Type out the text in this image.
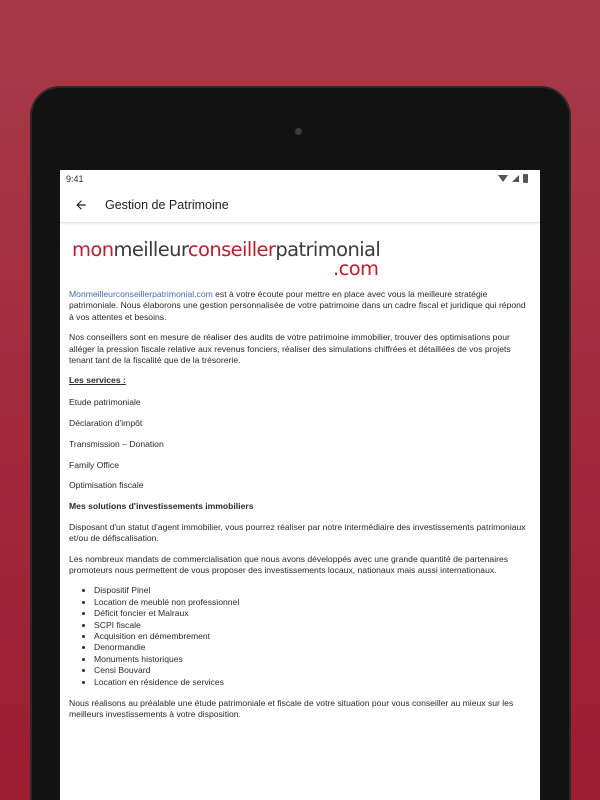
9:41
Gestion de Patrimoine
monmeilleurconseillerpatrimonial
.com

Monmeilleurconseillerpatrimonial.com est à votre écoute pour mettre en place avec vous la meilleure stratégie patrimoniale. Nous élaborons une gestion personnalisée de votre patrimoine dans un cadre fiscal et juridique qui répond à vos attentes et besoins.

Nos conseillers sont en mesure de réaliser des audits de votre patrimoine immobilier, trouver des optimisations pour alléger la pression fiscale relative aux revenus fonciers, réaliser des simulations chiffrées et détaillées de vos projets tenant tant de la fiscalité que de la trésorerie.

Les services :
Etude patrimoniale
Déclaration d'impôt
Transmission – Donation
Family Office
Optimisation fiscale
Mes solutions d'investissements immobiliers

Disposant d'un statut d'agent immobilier, vous pourrez réaliser par notre intermédiaire des investissements patrimoniaux et/ou de défiscalisation.

Les nombreux mandats de commercialisation que nous avons développés avec une grande quantité de partenaires promoteurs nous permettent de vous proposer des investissements locaux, nationaux mais aussi internationaux.

• Dispositif Pinel
• Location de meublé non professionnel
• Déficit foncier et Malraux
• SCPI fiscale
• Acquisition en démembrement
• Denormandie
• Monuments historiques
• Censi Bouvard
• Location en résidence de services

Nous réalisons au préalable une étude patrimoniale et fiscale de votre situation pour vous conseiller au mieux sur les meilleurs investissements à votre disposition.
